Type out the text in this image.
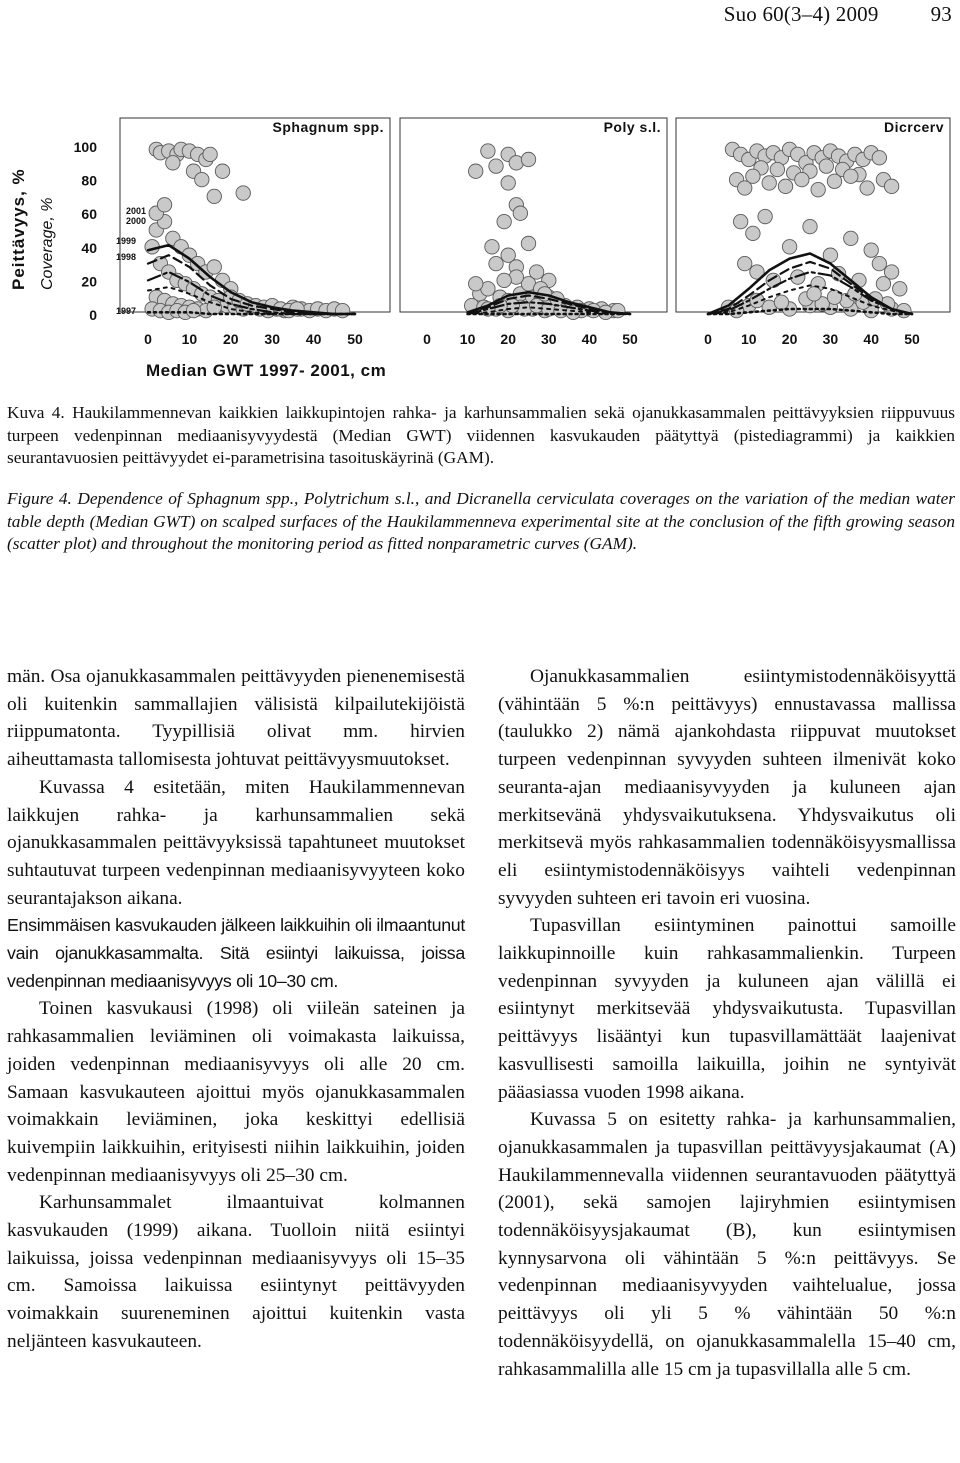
Suo 60(3–4) 2009 93
Peittävyys, % Coverage, %
100
80
60
40
20
0
2001
2000
1999
1998
1997
Median GWT 1997- 2001, cm
Sphagnum spp.
0 10 20 30 40 50
Poly s.l.
0 10 20 30 40 50
Dicrcerv
0 10 20 30 40 50
Kuva 4. Haukilammennevan kaikkien laikkupintojen rahka- ja karhunsammalien sekä ojanukkasammalen peittävyyksien riippuvuus turpeen vedenpinnan mediaanisyvyydestä (Median GWT) viidennen kasvukauden päätyttyä (pistediagrammi) ja kaikkien seurantavuosien peittävyydet ei-parametrisina tasoituskäyrinä (GAM).
Figure 4. Dependence of Sphagnum spp., Polytrichum s.l., and Dicranella cerviculata coverages on the variation of the median water table depth (Median GWT) on scalped surfaces of the Haukilammenneva experimental site at the conclusion of the fifth growing season (scatter plot) and throughout the monitoring period as fitted nonparametric curves (GAM).

män. Osa ojanukkasammalen peittävyyden pienenemisestä oli kuitenkin sammallajien välisistä kilpailutekijöistä riippumatonta. Tyypillisiä olivat mm. hirvien aiheuttamasta tallomisesta johtuvat peittävyysmuutokset.

Kuvassa 4 esitetään, miten Haukilammennevan laikkujen rahka- ja karhunsammalien sekä ojanukkasammalen peittävyyksissä tapahtuneet muutokset suhtautuvat turpeen vedenpinnan mediaanisyvyyteen koko seurantajakson aikana.

Ensimmäisen kasvukauden jälkeen laikkuihin oli ilmaantunut vain ojanukkasammalta. Sitä esiintyi laikuissa, joissa vedenpinnan mediaanisyvyys oli 10–30 cm.

Toinen kasvukausi (1998) oli viileän sateinen ja rahkasammalien leviäminen oli voimakasta laikuissa, joiden vedenpinnan mediaanisyvyys oli alle 20 cm. Samaan kasvukauteen ajoittui myös ojanukkasammalen voimakkain leviäminen, joka keskittyi edellisiä kuivempiin laikkuihin, erityisesti niihin laikkuihin, joiden vedenpinnan mediaanisyvyys oli 25–30 cm.

Karhunsammalet ilmaantuivat kolmannen kasvukauden (1999) aikana. Tuolloin niitä esiintyi laikuissa, joissa vedenpinnan mediaanisyvyys oli 15–35 cm. Samoissa laikuissa esiintynyt peittävyyden voimakkain suureneminen ajoittui kuitenkin vasta neljänteen kasvukauteen.

Ojanukkasammalien esiintymistodennäköisyyttä (vähintään 5 %:n peittävyys) ennustavassa mallissa (taulukko 2) nämä ajankohdasta riippuvat muutokset turpeen vedenpinnan syvyyden suhteen ilmenivät koko seuranta-ajan mediaanisyvyyden ja kuluneen ajan merkitsevänä yhdysvaikutuksena. Yhdysvaikutus oli merkitsevä myös rahkasammalien todennäköisyysmallissa eli esiintymistodennäköisyys vaihteli vedenpinnan syvyyden suhteen eri tavoin eri vuosina.

Tupasvillan esiintyminen painottui samoille laikkupinnoille kuin rahkasammalienkin. Turpeen vedenpinnan syvyyden ja kuluneen ajan välillä ei esiintynyt merkitsevää yhdysvaikutusta. Tupasvillan peittävyys lisääntyi kun tupasvillamättäät laajenivat kasvullisesti samoilla laikuilla, joihin ne syntyivät pääasiassa vuoden 1998 aikana.

Kuvassa 5 on esitetty rahka- ja karhunsammalien, ojanukkasammalen ja tupasvillan peittävyysjakaumat (A) Haukilammennevalla viidennen seurantavuoden päätyttyä (2001), sekä samojen lajiryhmien esiintymisen todennäköisyysjakaumat (B), kun esiintymisen kynnysarvona oli vähintään 5 %:n peittävyys. Se vedenpinnan mediaanisyvyyden vaihtelualue, jossa peittävyys oli yli 5 % vähintään 50 %:n todennäköisyydellä, on ojanukkasammalella 15–40 cm, rahkasammalilla alle 15 cm ja tupasvillalla alle 5 cm.
